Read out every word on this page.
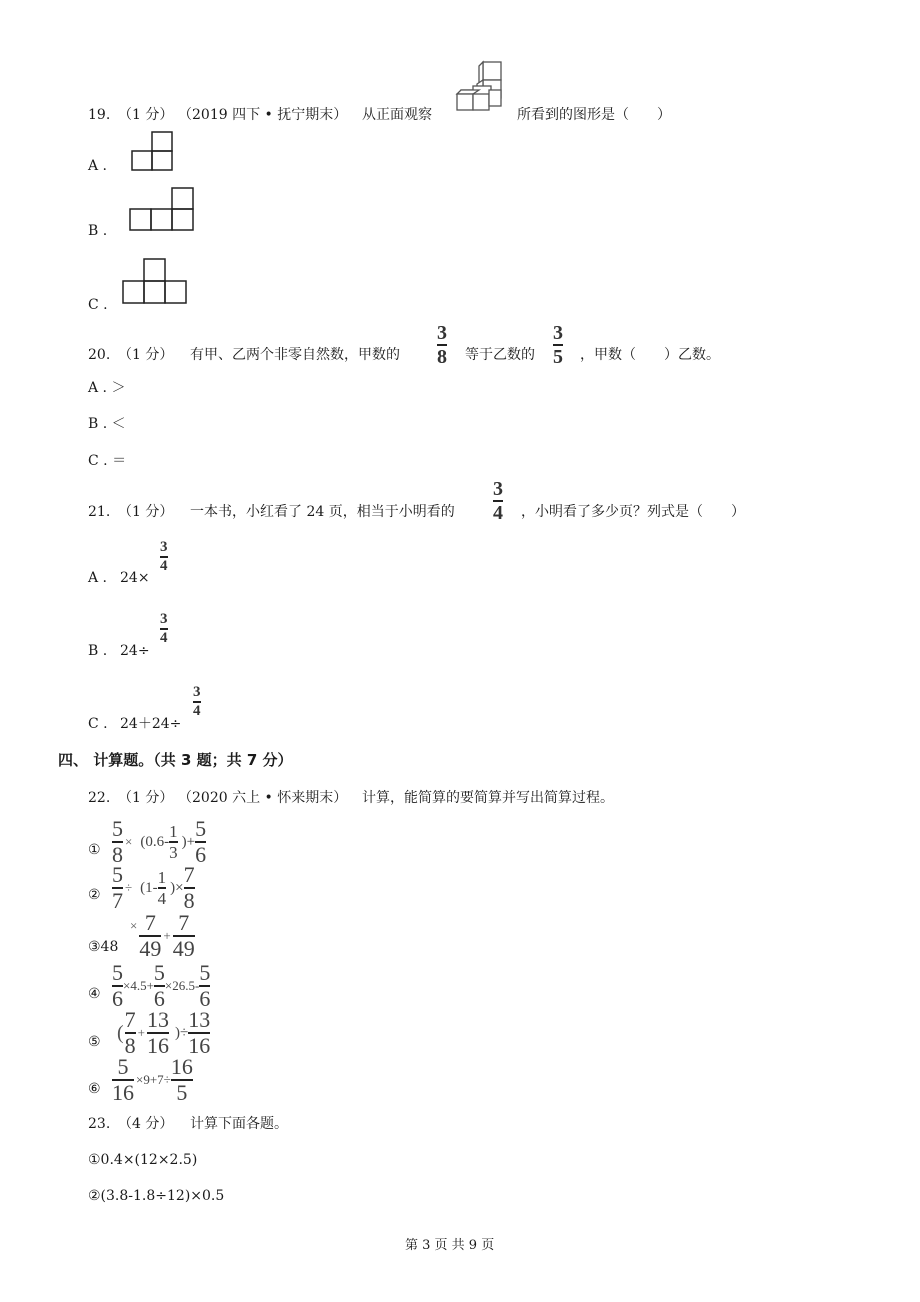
19. （1 分） （2019 四下 • 抚宁期末） 从正面观察	所看到的图形是（　　）
A .
B .
C .
20. （1 分） 有甲、乙两个非零自然数，甲数的
3
8 等于乙数的
3
5 ，甲数（　　）乙数。
A . ＞
B . ＜
C . ＝
21. （1 分） 一本书，小红看了 24 页，相当于小明看的
3
4 ，小明看了多少页？列式是（　　）
A . 24×
3
4
B . 24÷
3
4
C . 24＋24÷
3
4
四、 计算题。（共 3 题；共 7 分）
22. （1 分） （2020 六上 • 怀来期末） 计算，能简算的要简算并写出简算过程。
① $\frac{5}{8} \times (0.6- \frac{1}{3}$ )+ $\frac{5}{6}$
② $\frac{5}{7} \div (1- \frac{1}{4}$ )× $\frac{7}{8}$
③48
× $\frac{7}{49} + \frac{7}{49}$
④ $\frac{5}{6} \times 4.5+ \frac{5}{6} \times 26.5- \frac{5}{6}$
⑤ ( $\frac{7}{8} + \frac{13}{16}$ )÷ $\frac{13}{16}$
⑥ $\frac{5}{16} \times 9+7\div \frac{16}{5}$
23. （4 分） 计算下面各题。
①0.4×(12×2.5)
②(3.8-1.8÷12)×0.5
第 3 页 共 9 页
